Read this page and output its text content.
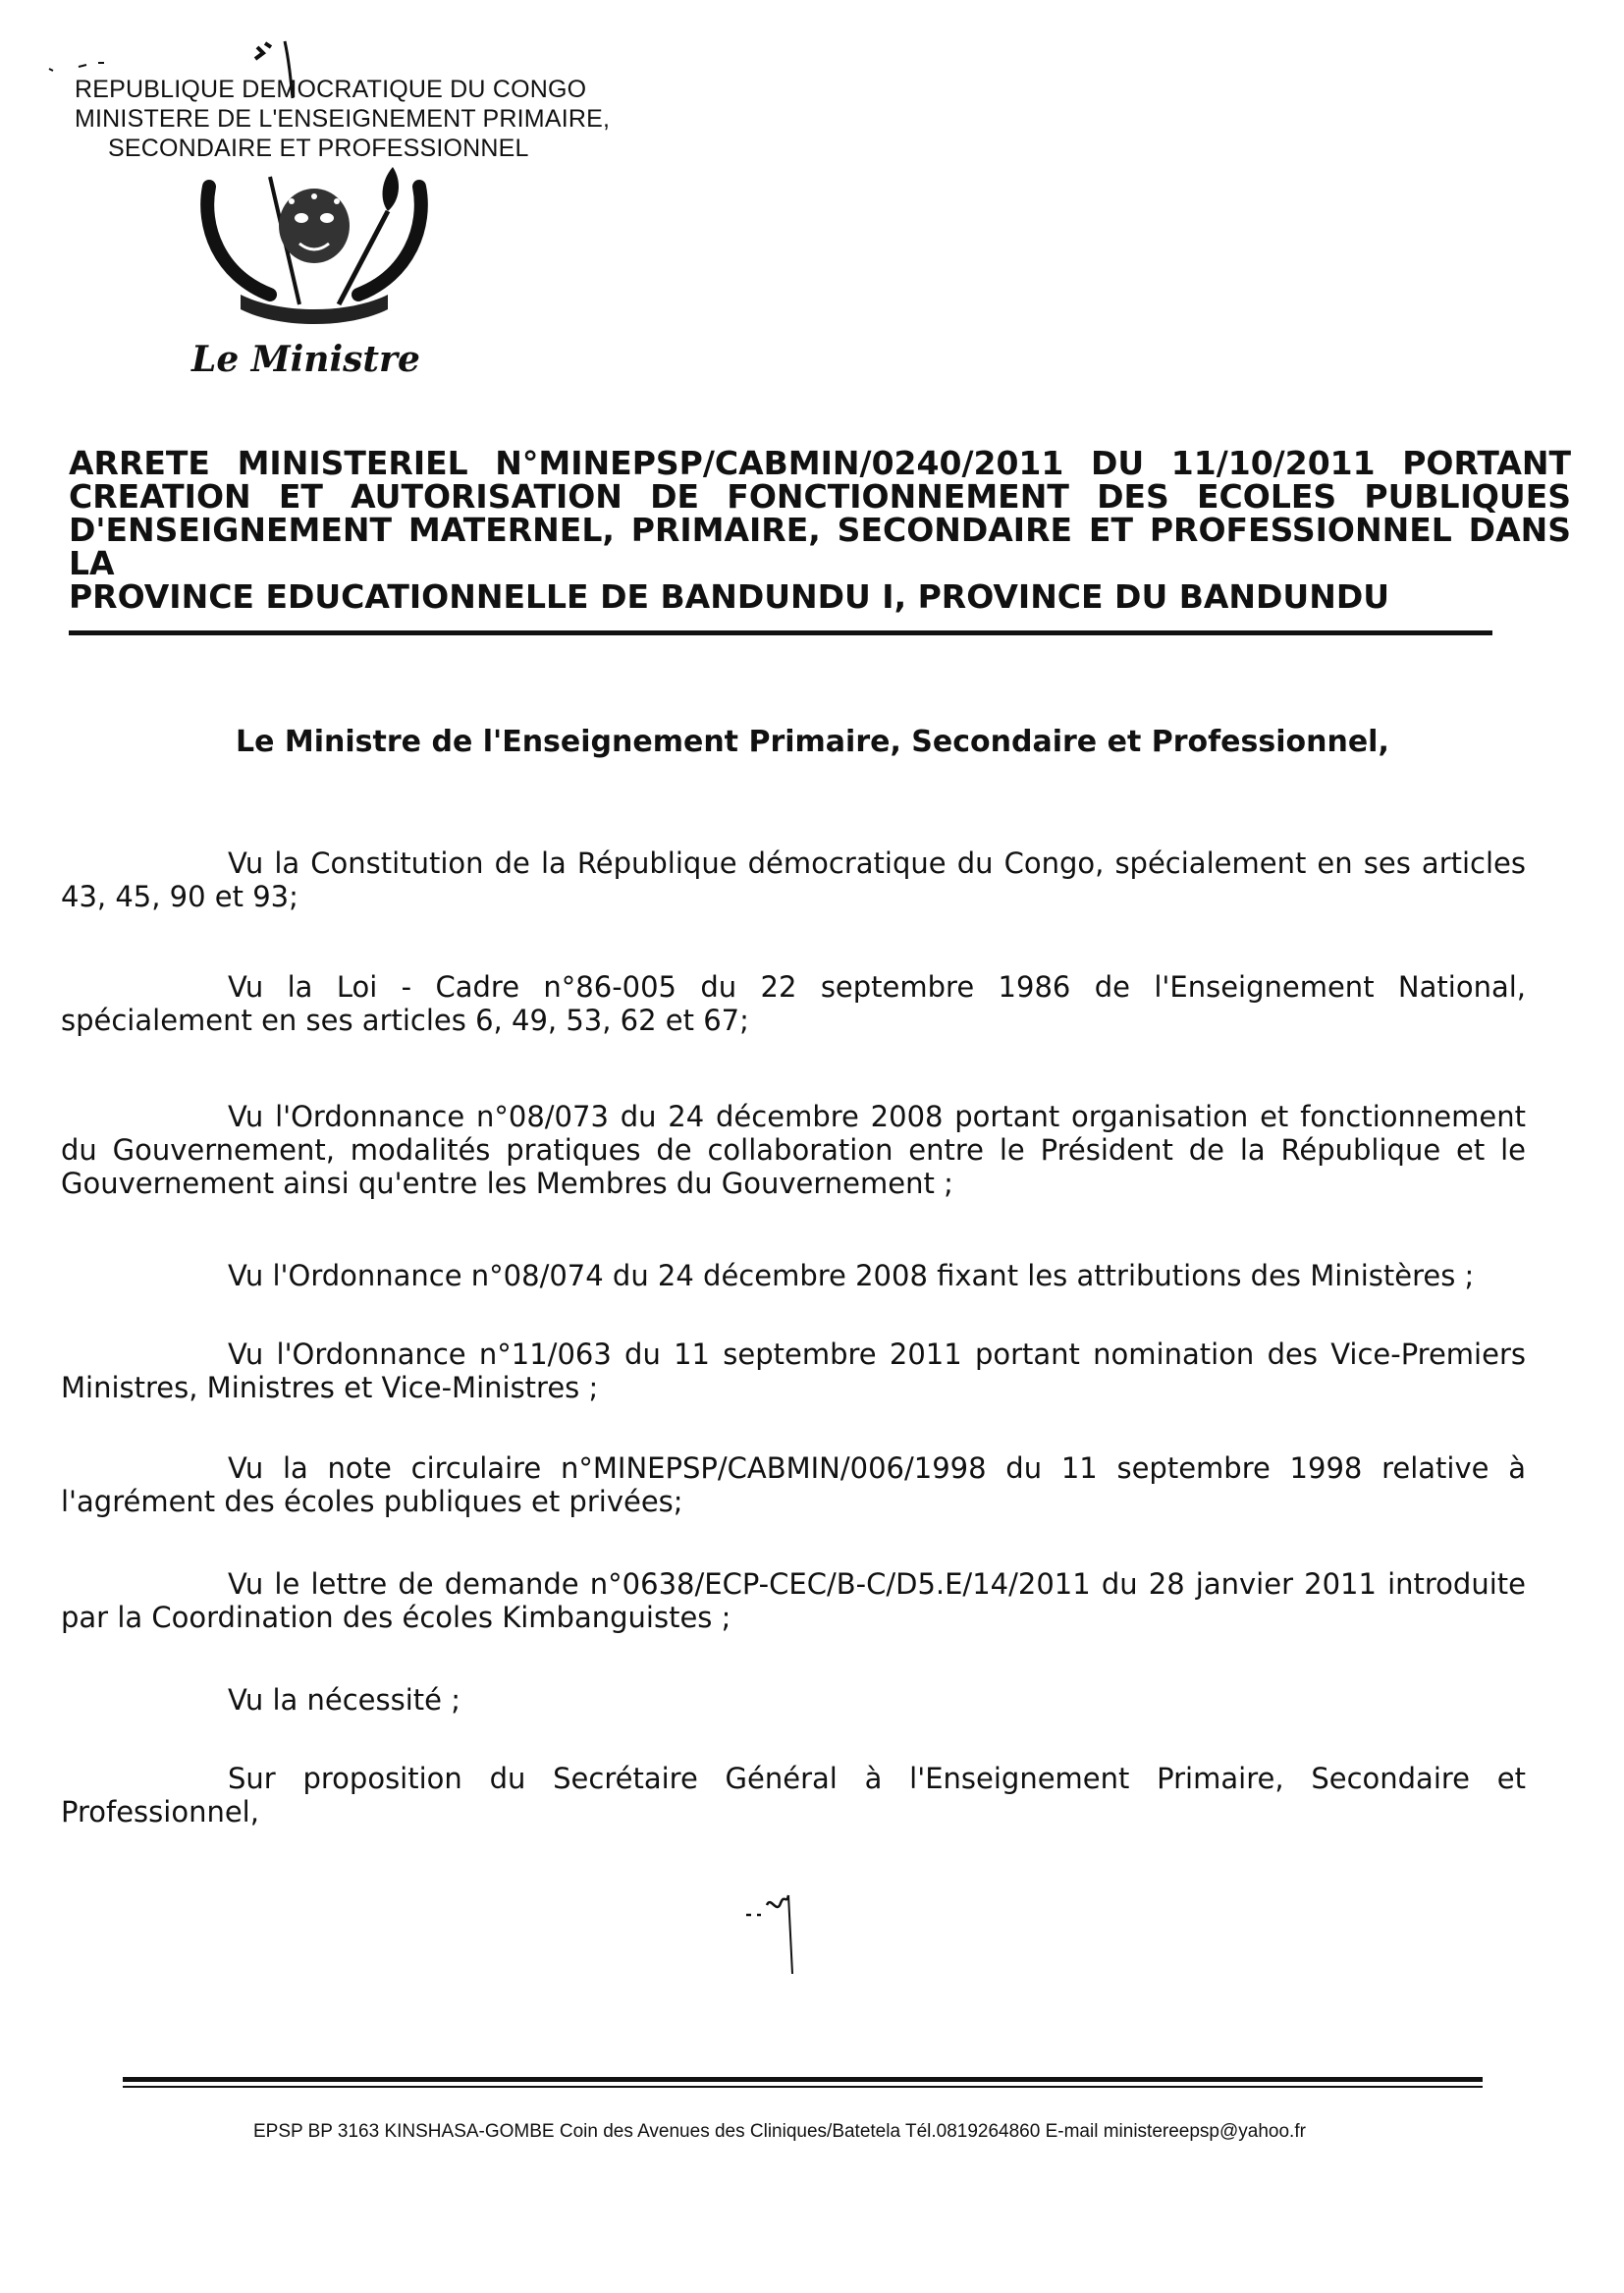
REPUBLIQUE DEMOCRATIQUE DU CONGO
MINISTERE DE L'ENSEIGNEMENT PRIMAIRE,
SECONDAIRE ET PROFESSIONNEL
Le Ministre
ARRETE MINISTERIEL N°MINEPSP/CABMIN/0240/2011 DU 11/10/2011 PORTANT
CREATION ET AUTORISATION DE FONCTIONNEMENT DES ECOLES PUBLIQUES
D'ENSEIGNEMENT MATERNEL, PRIMAIRE, SECONDAIRE ET PROFESSIONNEL DANS LA
PROVINCE EDUCATIONNELLE DE BANDUNDU I, PROVINCE DU BANDUNDU
Le Ministre de l'Enseignement Primaire, Secondaire et Professionnel,
Vu la Constitution de la République démocratique du Congo, spécialement en ses articles 43, 45, 90 et 93;
Vu la Loi - Cadre n°86-005 du 22 septembre 1986 de l'Enseignement National, spécialement en ses articles 6, 49, 53, 62 et 67;
Vu l'Ordonnance n°08/073 du 24 décembre 2008 portant organisation et fonctionnement du Gouvernement, modalités pratiques de collaboration entre le Président de la République et le Gouvernement ainsi qu'entre les Membres du Gouvernement ;
Vu l'Ordonnance n°08/074 du 24 décembre 2008 fixant les attributions des Ministères ;
Vu l'Ordonnance n°11/063 du 11 septembre 2011 portant nomination des Vice-Premiers Ministres, Ministres et Vice-Ministres ;
Vu la note circulaire n°MINEPSP/CABMIN/006/1998 du 11 septembre 1998 relative à l'agrément des écoles publiques et privées;
Vu le lettre de demande n°0638/ECP-CEC/B-C/D5.E/14/2011 du 28 janvier 2011 introduite par la Coordination des écoles Kimbanguistes ;
Vu la nécessité ;
Sur proposition du Secrétaire Général à l'Enseignement Primaire, Secondaire et Professionnel,
EPSP BP 3163 KINSHASA-GOMBE Coin des Avenues des Cliniques/Batetela Tél.0819264860 E-mail ministereepsp@yahoo.fr
